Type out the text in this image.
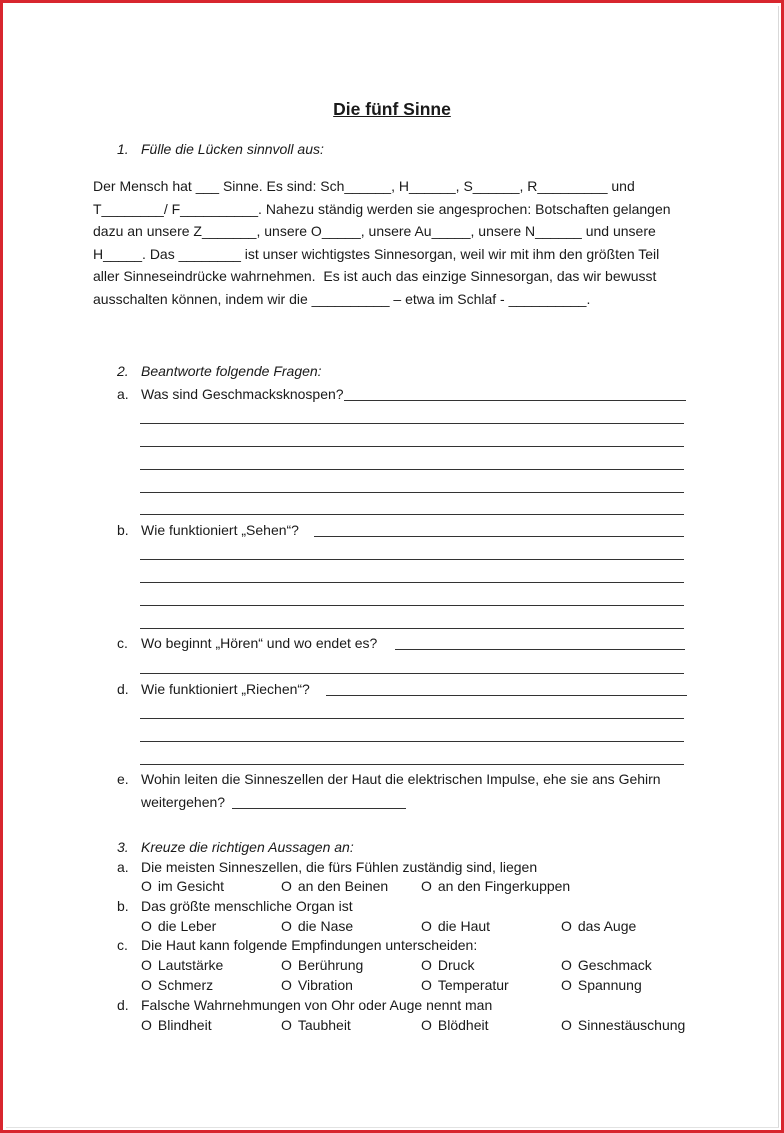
Die fünf Sinne
1. Fülle die Lücken sinnvoll aus:
Der Mensch hat ___ Sinne. Es sind: Sch______, H______, S______, R_________ und
T________/ F__________. Nahezu ständig werden sie angesprochen: Botschaften gelangen
dazu an unsere Z_______, unsere O_____, unsere Au_____, unsere N______ und unsere
H_____. Das ________ ist unser wichtigstes Sinnesorgan, weil wir mit ihm den größten Teil
aller Sinneseindrücke wahrnehmen.  Es ist auch das einzige Sinnesorgan, das wir bewusst
ausschalten können, indem wir die __________ – etwa im Schlaf - __________.
2. Beantworte folgende Fragen:
a. Was sind Geschmacksknospen?
b. Wie funktioniert „Sehen“?
c. Wo beginnt „Hören“ und wo endet es?
d. Wie funktioniert „Riechen“?
e. Wohin leiten die Sinneszellen der Haut die elektrischen Impulse, ehe sie ans Gehirn
weitergehen?
3. Kreuze die richtigen Aussagen an:
a. Die meisten Sinneszellen, die fürs Fühlen zuständig sind, liegen
O im Gesicht	O an den Beinen O an den Fingerkuppen
b. Das größte menschliche Organ ist
O die Leber	O die Nase	O die Haut	O das Auge
c. Die Haut kann folgende Empfindungen unterscheiden:
O Lautstärke	O Berührung	O Druck	O Geschmack
O Schmerz	O Vibration	O Temperatur	O Spannung
d. Falsche Wahrnehmungen von Ohr oder Auge nennt man
O Blindheit	O Taubheit	O Blödheit	O Sinnestäuschung
